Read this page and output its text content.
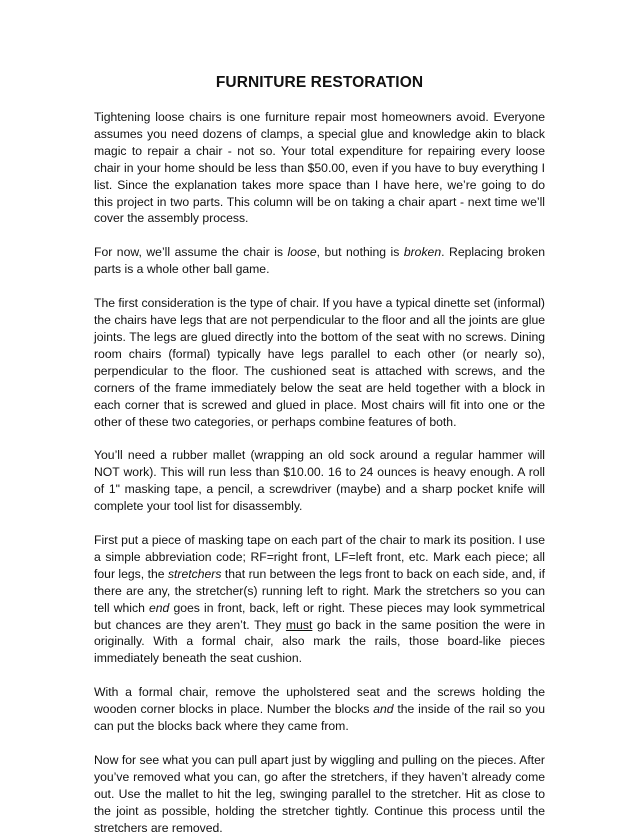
FURNITURE RESTORATION

Tightening loose chairs is one furniture repair most homeowners avoid. Everyone assumes you need dozens of clamps, a special glue and knowledge akin to black magic to repair a chair - not so. Your total expenditure for repairing every loose chair in your home should be less than $50.00, even if you have to buy everything I list. Since the explanation takes more space than I have here, we’re going to do this project in two parts. This column will be on taking a chair apart - next time we’ll cover the assembly process.

For now, we’ll assume the chair is loose, but nothing is broken. Replacing broken parts is a whole other ball game.

The first consideration is the type of chair. If you have a typical dinette set (informal) the chairs have legs that are not perpendicular to the floor and all the joints are glue joints. The legs are glued directly into the bottom of the seat with no screws. Dining room chairs (formal) typically have legs parallel to each other (or nearly so), perpendicular to the floor. The cushioned seat is attached with screws, and the corners of the frame immediately below the seat are held together with a block in each corner that is screwed and glued in place. Most chairs will fit into one or the other of these two categories, or perhaps combine features of both.

You’ll need a rubber mallet (wrapping an old sock around a regular hammer will NOT work). This will run less than $10.00. 16 to 24 ounces is heavy enough. A roll of 1" masking tape, a pencil, a screwdriver (maybe) and a sharp pocket knife will complete your tool list for disassembly.

First put a piece of masking tape on each part of the chair to mark its position. I use a simple abbreviation code; RF=right front, LF=left front, etc. Mark each piece; all four legs, the stretchers that run between the legs front to back on each side, and, if there are any, the stretcher(s) running left to right. Mark the stretchers so you can tell which end goes in front, back, left or right. These pieces may look symmetrical but chances are they aren’t. They must go back in the same position the were in originally. With a formal chair, also mark the rails, those board-like pieces immediately beneath the seat cushion.

With a formal chair, remove the upholstered seat and the screws holding the wooden corner blocks in place. Number the blocks and the inside of the rail so you can put the blocks back where they came from.

Now for see what you can pull apart just by wiggling and pulling on the pieces. After you’ve removed what you can, go after the stretchers, if they haven’t already come out. Use the mallet to hit the leg, swinging parallel to the stretcher. Hit as close to the joint as possible, holding the stretcher tightly. Continue this process until the stretchers are removed.
